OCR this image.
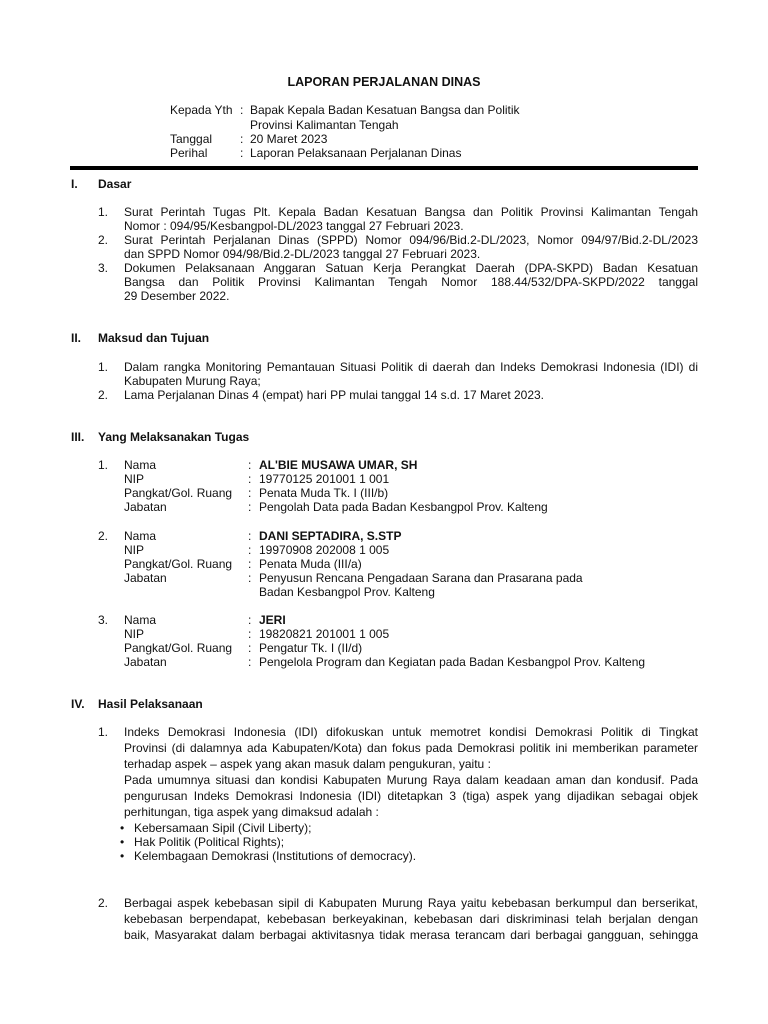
LAPORAN PERJALANAN DINAS
Kepada Yth : Bapak Kepala Badan Kesatuan Bangsa dan Politik
Provinsi Kalimantan Tengah
Tanggal : 20 Maret 2023
Perihal	: Laporan Pelaksanaan Perjalanan Dinas
I. Dasar
1. Surat Perintah Tugas Plt. Kepala Badan Kesatuan Bangsa dan Politik Provinsi Kalimantan Tengah
Nomor : 094/95/Kesbangpol-DL/2023 tanggal 27 Februari 2023.
2. Surat Perintah Perjalanan Dinas (SPPD) Nomor 094/96/Bid.2-DL/2023, Nomor 094/97/Bid.2-DL/2023
dan SPPD Nomor 094/98/Bid.2-DL/2023 tanggal 27 Februari 2023.
3. Dokumen Pelaksanaan Anggaran Satuan Kerja Perangkat Daerah (DPA-SKPD) Badan Kesatuan
Bangsa dan Politik Provinsi Kalimantan Tengah Nomor 188.44/532/DPA-SKPD/2022 tanggal
29 Desember 2022.
II. Maksud dan Tujuan
1. Dalam rangka Monitoring Pemantauan Situasi Politik di daerah dan Indeks Demokrasi Indonesia (IDI) di
Kabupaten Murung Raya;
2. Lama Perjalanan Dinas 4 (empat) hari PP mulai tanggal 14 s.d. 17 Maret 2023.
III. Yang Melaksanakan Tugas
1. Nama	: AL'BIE MUSAWA UMAR, SH
NIP	: 19770125 201001 1 001
Pangkat/Gol. Ruang : Penata Muda Tk. I (III/b)
Jabatan	: Pengolah Data pada Badan Kesbangpol Prov. Kalteng
2. Nama	: DANI SEPTADIRA, S.STP
NIP	: 19970908 202008 1 005
Pangkat/Gol. Ruang : Penata Muda (III/a)
Jabatan	: Penyusun Rencana Pengadaan Sarana dan Prasarana pada
Badan Kesbangpol Prov. Kalteng
3. Nama	: JERI
NIP	: 19820821 201001 1 005
Pangkat/Gol. Ruang : Pengatur Tk. I (II/d)
Jabatan	: Pengelola Program dan Kegiatan pada Badan Kesbangpol Prov. Kalteng
IV. Hasil Pelaksanaan
1. Indeks Demokrasi Indonesia (IDI) difokuskan untuk memotret kondisi Demokrasi Politik di Tingkat
Provinsi (di dalamnya ada Kabupaten/Kota) dan fokus pada Demokrasi politik ini memberikan parameter
terhadap aspek – aspek yang akan masuk dalam pengukuran, yaitu :
Pada umumnya situasi dan kondisi Kabupaten Murung Raya dalam keadaan aman dan kondusif. Pada
pengurusan Indeks Demokrasi Indonesia (IDI) ditetapkan 3 (tiga) aspek yang dijadikan sebagai objek
perhitungan, tiga aspek yang dimaksud adalah :
• Kebersamaan Sipil (Civil Liberty);
• Hak Politik (Political Rights);
• Kelembagaan Demokrasi (Institutions of democracy).
2. Berbagai aspek kebebasan sipil di Kabupaten Murung Raya yaitu kebebasan berkumpul dan berserikat,
kebebasan berpendapat, kebebasan berkeyakinan, kebebasan dari diskriminasi telah berjalan dengan
baik, Masyarakat dalam berbagai aktivitasnya tidak merasa terancam dari berbagai gangguan, sehingga
